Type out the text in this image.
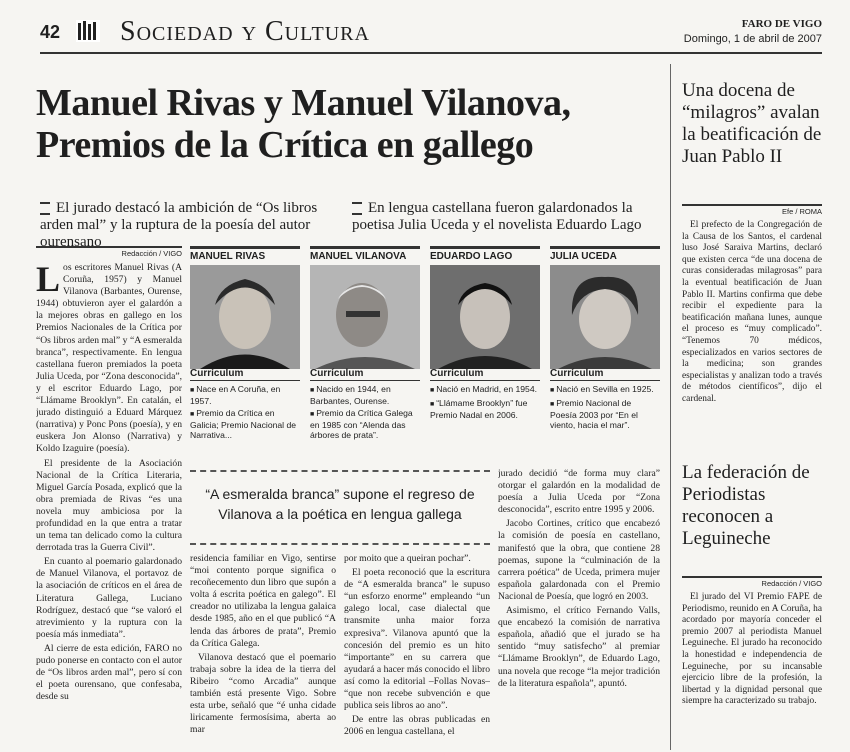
42 Sociedad y Cultura	FARO DE VIGO
Domingo, 1 de abril de 2007
Manuel Rivas y Manuel Vilanova,
Premios de la Crítica en gallego
El jurado destacó la ambición de “Os libros arden mal” y la ruptura de la poesía del autor ourensano
En lengua castellana fueron galardonados la poetisa Julia Uceda y el novelista Eduardo Lago
Redacción / VIGO

Los escritores Manuel Rivas (A Coruña, 1957) y Manuel Vilanova (Barbantes, Ourense, 1944) obtuvieron ayer el galardón a la mejores obras en gallego en los Premios Nacionales de la Crítica por “Os libros arden mal” y “A esmeralda branca”, respectivamente. En lengua castellana fueron premiados la poeta Julia Uceda, por “Zona desconocida”, y el escritor Eduardo Lago, por “Llámame Brooklyn”. En catalán, el jurado distinguió a Eduard Márquez (narrativa) y Ponc Pons (poesía), y en euskera Jon Alonso (Narrativa) y Koldo Izaguire (poesía).

El presidente de la Asociación Nacional de la Crítica Literaria, Miguel García Posada, explicó que la obra premiada de Rivas “es una novela muy ambiciosa por la profundidad en la que entra a tratar un tema tan delicado como la cultura derrotada tras la Guerra Civil”.

En cuanto al poemario galardonado de Manuel Vilanova, el portavoz de la asociación de críticos en el área de Literatura Gallega, Luciano Rodríguez, destacó que “se valoró el atrevimiento y la ruptura con la poesía más inmediata”.

Al cierre de esta edición, FARO no pudo ponerse en contacto con el autor de “Os libros arden mal”, pero sí con el poeta ourensano, que confesaba, desde su

MANUEL RIVAS	MANUEL VILANOVA	EDUARDO LAGO	JULIA UCEDA
Currículum
■ Nace en A Coruña, en 1957.
■ Premio da Crítica en Galicia; Premio Nacional de Narrativa...
Currículum
■ Nacido en 1944, en Barbantes, Ourense.
■ Premio da Crítica Galega en 1985 con “Alenda das árbores de prata”.
Currículum
■ Nació en Madrid, en 1954.
■ “Llámame Brooklyn” fue Premio Nadal en 2006.
Currículum
■ Nació en Sevilla en 1925.
■ Premio Nacional de Poesía 2003 por “En el viento, hacia el mar”.
“A esmeralda branca” supone el regreso de Vilanova a la poética en lengua gallega

residencia familiar en Vigo, sentirse “moi contento porque significa o recoñecemento dun libro que supón a volta á escrita poética en galego”. El creador no utilizaba la lengua galaica desde 1985, año en el que publicó “A lenda das árbores de prata”, Premio da Crítica Galega.

Vilanova destacó que el poemario trabaja sobre la idea de la tierra del Ribeiro “como Arcadia” aunque también está presente Vigo. Sobre esta urbe, señaló que “é unha cidade liricamente fermosísima, aberta ao mar

por moito que a queiran pochar”.

El poeta reconoció que la escritura de “A esmeralda branca” le supuso “un esforzo enorme” empleando “un galego local, case dialectal que transmite unha maior forza expresiva”. Vilanova apuntó que la concesión del premio es un hito “importante” en su carrera que ayudará a hacer más conocido el libro así como la editorial –Follas Novas– “que non recebe subvención e que publica seis libros ao ano”.

De entre las obras publicadas en 2006 en lengua castellana, el

jurado decidió “de forma muy clara” otorgar el galardón en la modalidad de poesía a Julia Uceda por “Zona desconocida”, escrito entre 1995 y 2006.

Jacobo Cortines, crítico que encabezó la comisión de poesía en castellano, manifestó que la obra, que contiene 28 poemas, supone la “culminación de la carrera poética” de Uceda, primera mujer española galardonada con el Premio Nacional de Poesía, que logró en 2003.

Asimismo, el crítico Fernando Valls, que encabezó la comisión de narrativa española, añadió que el jurado se ha sentido “muy satisfecho” al premiar “Llámame Brooklyn”, de Eduardo Lago, una novela que recoge “la mejor tradición de la literatura española”, apuntó.

Una docena de “milagros” avalan la beatificación de Juan Pablo II
Efe / ROMA

El prefecto de la Congregación de la Causa de los Santos, el cardenal luso José Saraiva Martins, declaró que existen cerca “de una docena de curas consideradas milagrosas” para la eventual beatificación de Juan Pablo II. Martins confirma que debe recibir el expediente para la beatificación mañana lunes, aunque el proceso es “muy complicado”. “Tenemos 70 médicos, especializados en varios sectores de la medicina; son grandes especialistas y analizan todo a través de métodos científicos”, dijo el cardenal.

La federación de Periodistas reconocen a Leguineche
Redacción / VIGO

El jurado del VI Premio FAPE de Periodismo, reunido en A Coruña, ha acordado por mayoría conceder el premio 2007 al periodista Manuel Leguineche. El jurado ha reconocido la honestidad e independencia de Leguineche, por su incansable ejercicio libre de la profesión, la libertad y la dignidad personal que siempre ha caracterizado su trabajo.
